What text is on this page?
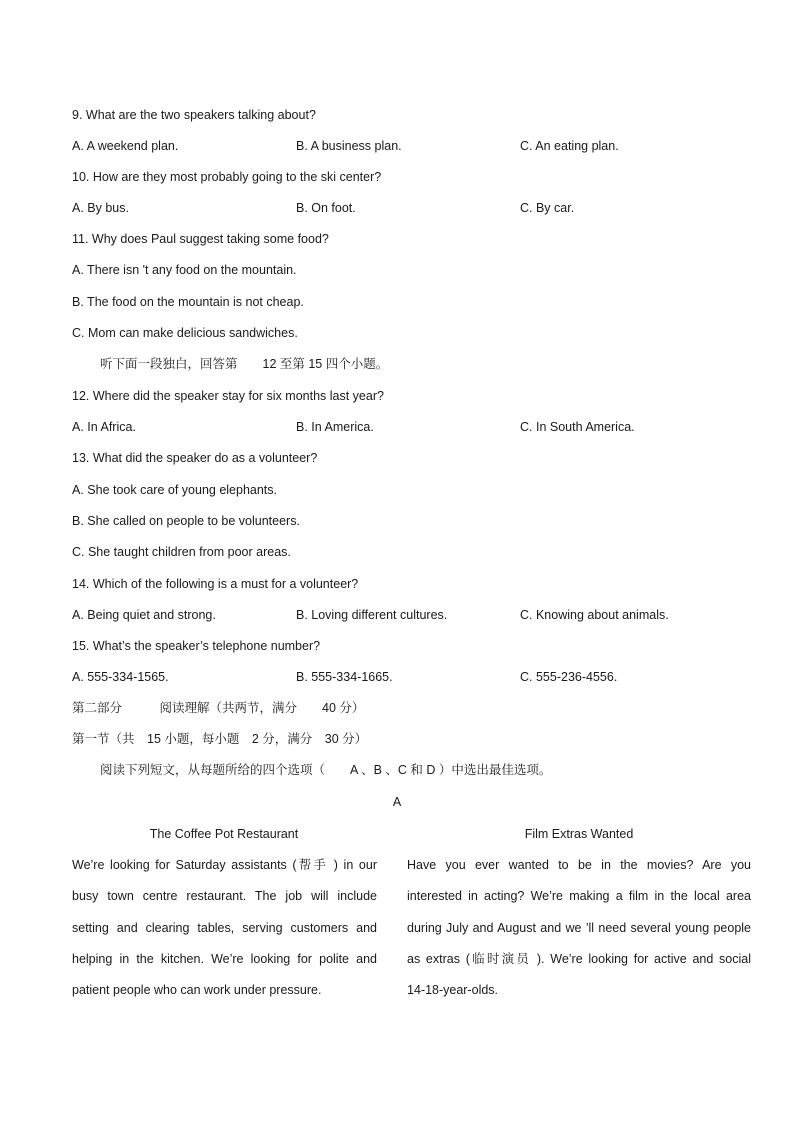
9. What are the two speakers talking about?
A. A weekend plan.	B. A business plan.	C. An eating plan.
10. How are they most probably going to the ski center?
A. By bus.	B. On foot.	C. By car.
11. Why does Paul suggest taking some food?
A. There isn 't any food on the mountain.
B. The food on the mountain is not cheap.
C. Mom can make delicious sandwiches.
听下面一段独白，回答第　　12 至第 15 四个小题。
12. Where did the speaker stay for six months last year?
A. In Africa.	B. In America.	C. In South America.
13. What did the speaker do as a volunteer?
A. She took care of young elephants.
B. She called on people to be volunteers.
C. She taught children from poor areas.
14. Which of the following is a must for a volunteer?
A. Being quiet and strong.	B. Loving different cultures.	C. Knowing about animals.
15. What’s the speaker’s telephone number?
A. 555-334-1565.	B. 555-334-1665.	C. 555-236-4556.
第二部分　　　阅读理解（共两节，满分　　40 分）
第一节（共　15 小题，每小题　2 分，满分　30 分）
阅读下列短文，从每题所给的四个选项（　　A 、B 、C 和 D ）中选出最佳选项。
A
The Coffee Pot Restaurant
We’re looking for Saturday assistants (帮手 ) in our
busy town centre restaurant. The job will include
setting and clearing tables, serving customers and
helping in the kitchen. We’re looking for polite and
patient people who can work under pressure.
Film Extras Wanted
Have you ever wanted to be in the movies? Are you
interested in acting? We’re making a film in the local area
during July and August and we ’ll need several young people
as extras (临时演员 ). We’re looking for active and social
14-18-year-olds.
